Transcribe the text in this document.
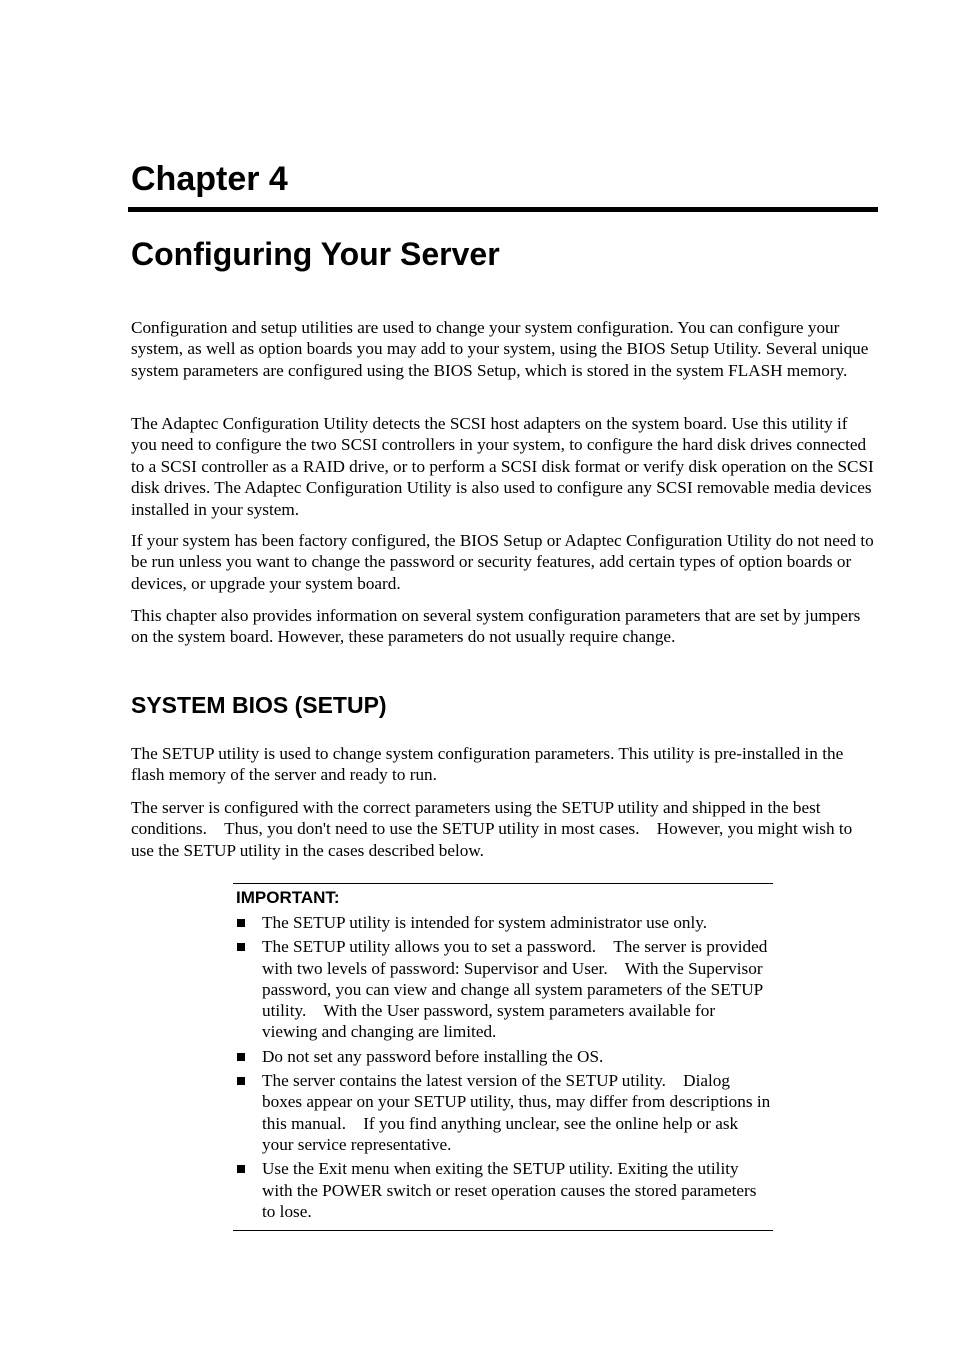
Chapter 4
Configuring Your Server

Configuration and setup utilities are used to change your system configuration. You can configure your system, as well as option boards you may add to your system, using the BIOS Setup Utility. Several unique system parameters are configured using the BIOS Setup, which is stored in the system FLASH memory.

The Adaptec Configuration Utility detects the SCSI host adapters on the system board. Use this utility if you need to configure the two SCSI controllers in your system, to configure the hard disk drives connected to a SCSI controller as a RAID drive, or to perform a SCSI disk format or verify disk operation on the SCSI disk drives. The Adaptec Configuration Utility is also used to configure any SCSI removable media devices installed in your system.

If your system has been factory configured, the BIOS Setup or Adaptec Configuration Utility do not need to be run unless you want to change the password or security features, add certain types of option boards or devices, or upgrade your system board.

This chapter also provides information on several system configuration parameters that are set by jumpers on the system board. However, these parameters do not usually require change.

SYSTEM BIOS (SETUP)

The SETUP utility is used to change system configuration parameters. This utility is pre-installed in the flash memory of the server and ready to run.

The server is configured with the correct parameters using the SETUP utility and shipped in the best conditions.　Thus, you don't need to use the SETUP utility in most cases.　However, you might wish to use the SETUP utility in the cases described below.

IMPORTANT:
The SETUP utility is intended for system administrator use only.
The SETUP utility allows you to set a password.　The server is provided with two levels of password: Supervisor and User.　With the Supervisor password, you can view and change all system parameters of the SETUP utility.　With the User password, system parameters available for viewing and changing are limited.
Do not set any password before installing the OS.
The server contains the latest version of the SETUP utility.　Dialog boxes appear on your SETUP utility, thus, may differ from descriptions in this manual.　If you find anything unclear, see the online help or ask your service representative.
Use the Exit menu when exiting the SETUP utility. Exiting the utility with the POWER switch or reset operation causes the stored parameters to lose.
